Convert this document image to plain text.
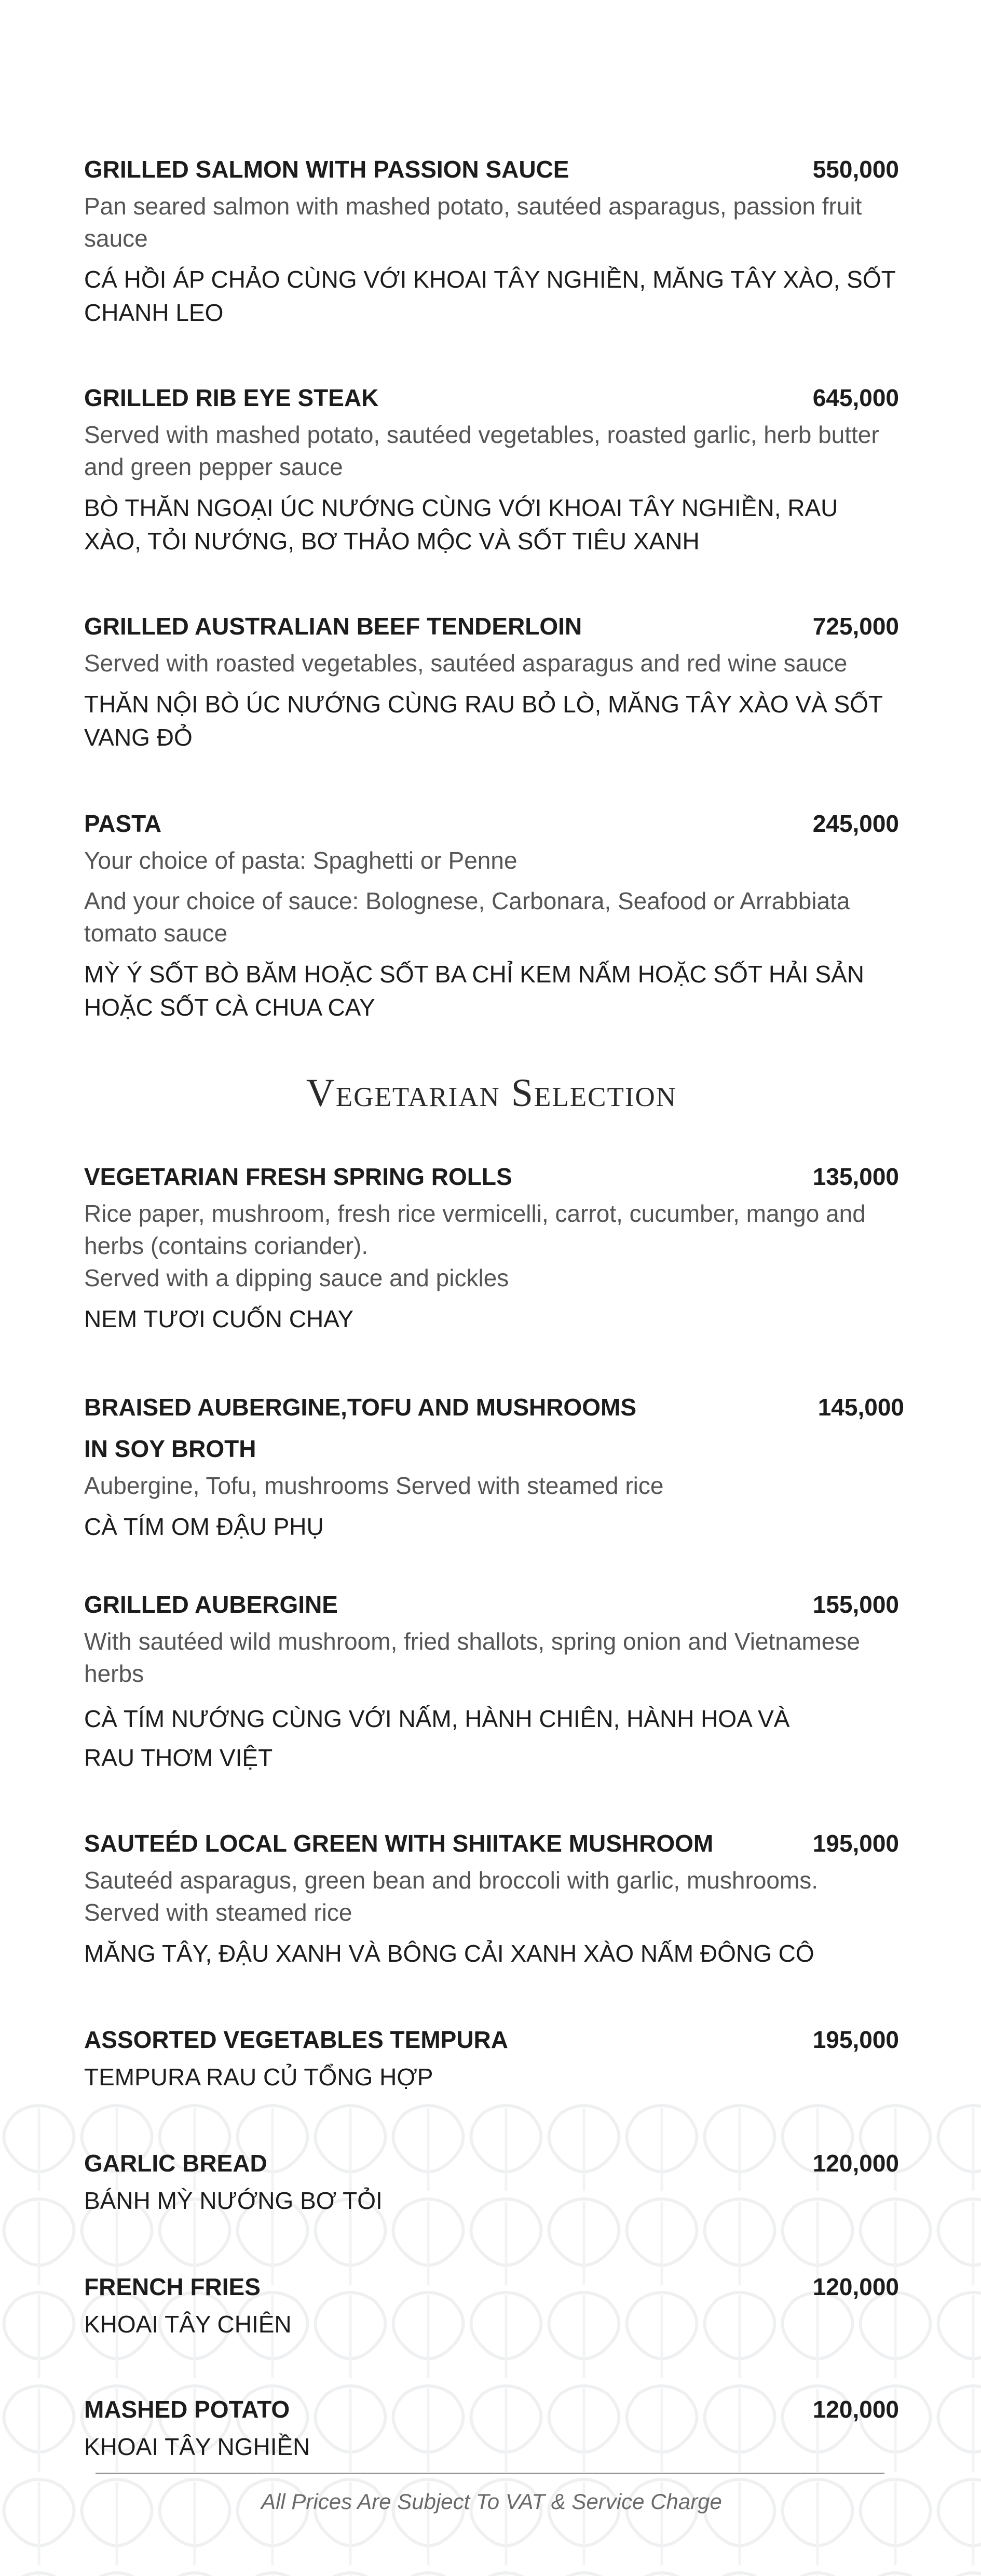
GRILLED SALMON WITH PASSION SAUCE	550,000

Pan seared salmon with mashed potato, sautéed asparagus, passion fruit sauce

CÁ HỒI ÁP CHẢO CÙNG VỚI KHOAI TÂY NGHIỀN, MĂNG TÂY XÀO, SỐT CHANH LEO

GRILLED RIB EYE STEAK	645,000

Served with mashed potato, sautéed vegetables, roasted garlic, herb butter and green pepper sauce

BÒ THĂN NGOẠI ÚC NƯỚNG CÙNG VỚI KHOAI TÂY NGHIỀN, RAU XÀO, TỎI NƯỚNG, BƠ THẢO MỘC VÀ SỐT TIÊU XANH

GRILLED AUSTRALIAN BEEF TENDERLOIN	725,000

Served with roasted vegetables, sautéed asparagus and red wine sauce

THĂN NỘI BÒ ÚC NƯỚNG CÙNG RAU BỎ LÒ, MĂNG TÂY XÀO VÀ SỐT VANG ĐỎ

PASTA	245,000

Your choice of pasta: Spaghetti or Penne

And your choice of sauce: Bolognese, Carbonara, Seafood or Arrabbiata tomato sauce

MỲ Ý SỐT BÒ BĂM HOẶC SỐT BA CHỈ KEM NẤM HOẶC SỐT HẢI SẢN HOẶC SỐT CÀ CHUA CAY

Vegetarian Selection
VEGETARIAN FRESH SPRING ROLLS	135,000

Rice paper, mushroom, fresh rice vermicelli, carrot, cucumber, mango and herbs (contains coriander).

Served with a dipping sauce and pickles

NEM TƯƠI CUỐN CHAY

BRAISED AUBERGINE,TOFU AND MUSHROOMS	145,000
IN SOY BROTH

Aubergine, Tofu, mushrooms Served with steamed rice

CÀ TÍM OM ĐẬU PHỤ

GRILLED AUBERGINE	155,000

With sautéed wild mushroom, fried shallots, spring onion and Vietnamese herbs

CÀ TÍM NƯỚNG CÙNG VỚI NẤM, HÀNH CHIÊN, HÀNH HOA VÀ

RAU THƠM VIỆT

SAUTEÉD LOCAL GREEN WITH SHIITAKE MUSHROOM	195,000

Sauteéd asparagus, green bean and broccoli with garlic, mushrooms. Served with steamed rice

MĂNG TÂY, ĐẬU XANH VÀ BÔNG CẢI XANH XÀO NẤM ĐÔNG CÔ

ASSORTED VEGETABLES TEMPURA	195,000

TEMPURA RAU CỦ TỔNG HỢP

GARLIC BREAD	120,000

BÁNH MỲ NƯỚNG BƠ TỎI

FRENCH FRIES	120,000

KHOAI TÂY CHIÊN

MASHED POTATO	120,000

KHOAI TÂY NGHIỀN

All Prices Are Subject To VAT & Service Charge
